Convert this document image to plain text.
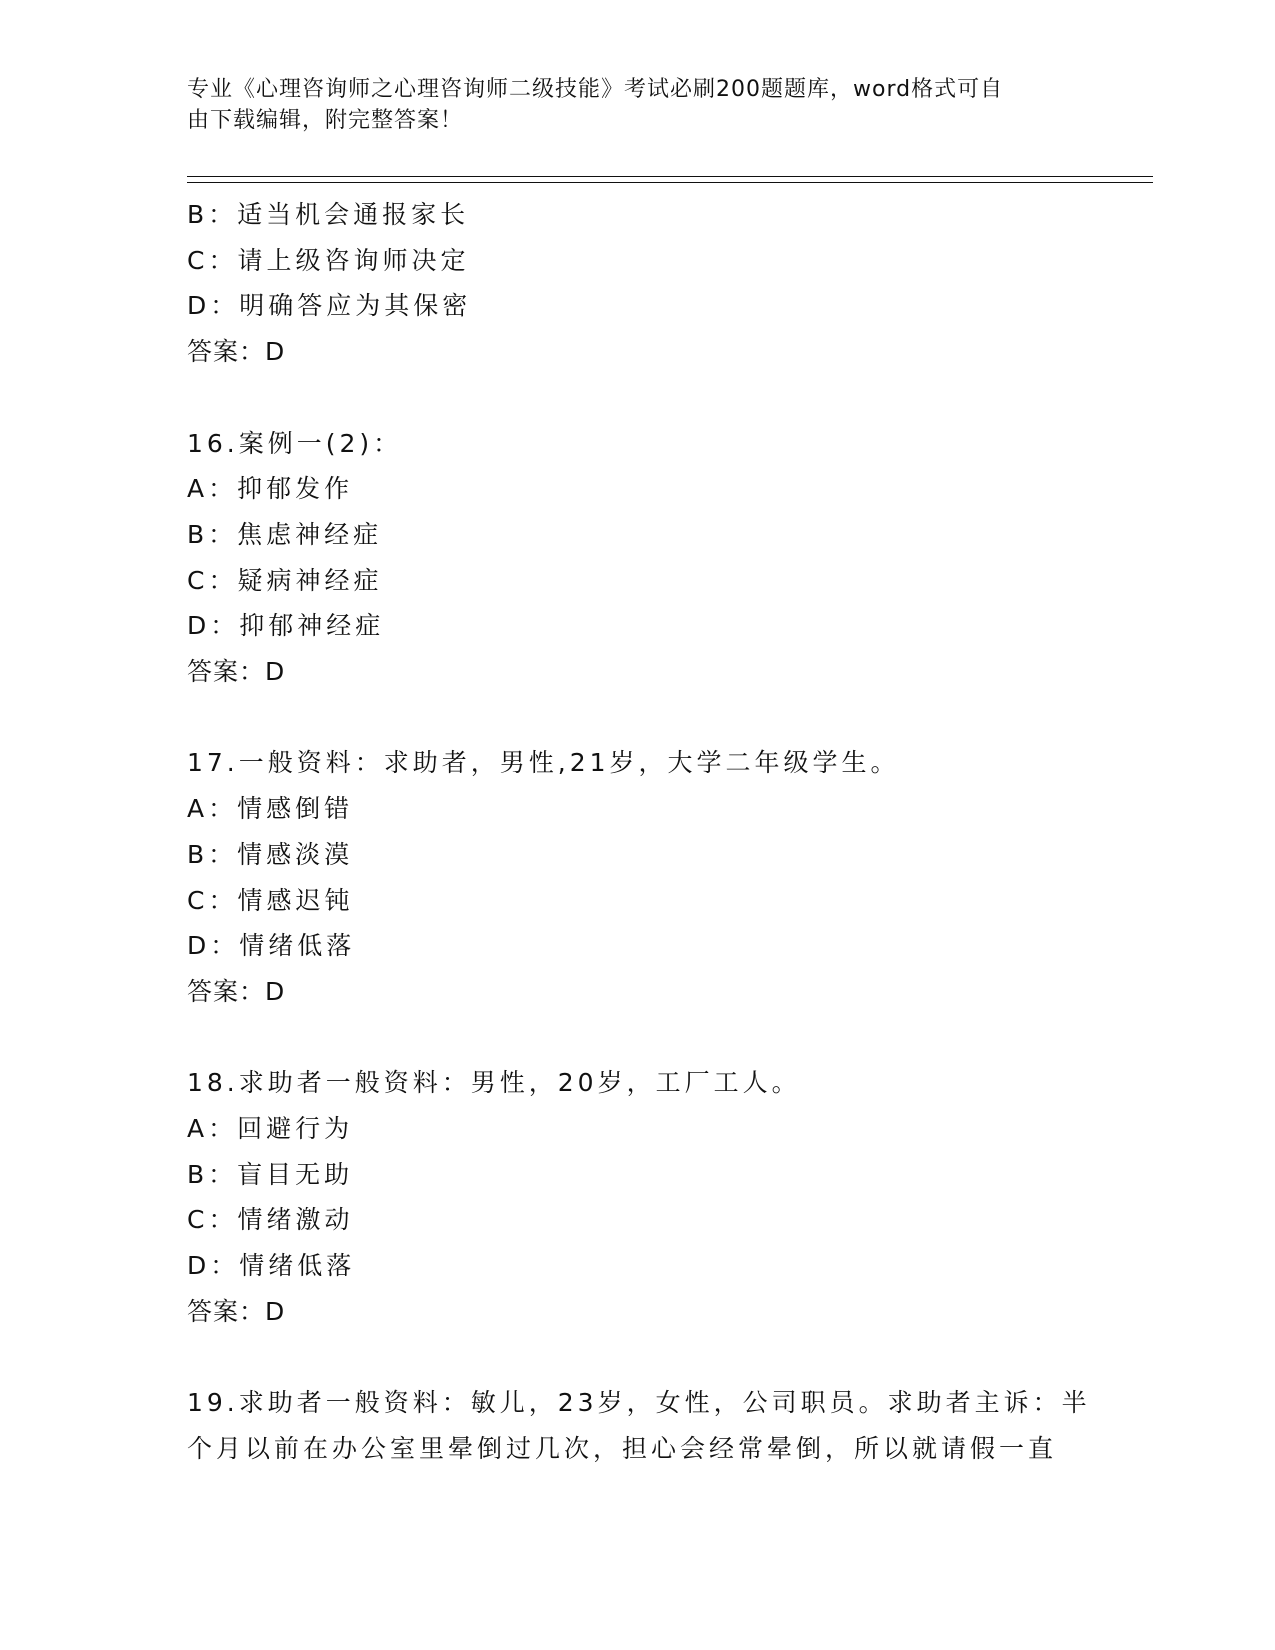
专业《心理咨询师之心理咨询师二级技能》考试必刷200题题库，word格式可自
由下载编辑，附完整答案！
B：适当机会通报家长
C：请上级咨询师决定
D：明确答应为其保密
答案：D
16.案例一(2)：
A：抑郁发作
B：焦虑神经症
C：疑病神经症
D：抑郁神经症
答案：D
17.一般资料：求助者，男性,21岁，大学二年级学生。
A：情感倒错
B：情感淡漠
C：情感迟钝
D：情绪低落
答案：D
18.求助者一般资料：男性，20岁，工厂工人。
A：回避行为
B：盲目无助
C：情绪激动
D：情绪低落
答案：D
19.求助者一般资料：敏儿，23岁，女性，公司职员。求助者主诉：半
个月以前在办公室里晕倒过几次，担心会经常晕倒，所以就请假一直
